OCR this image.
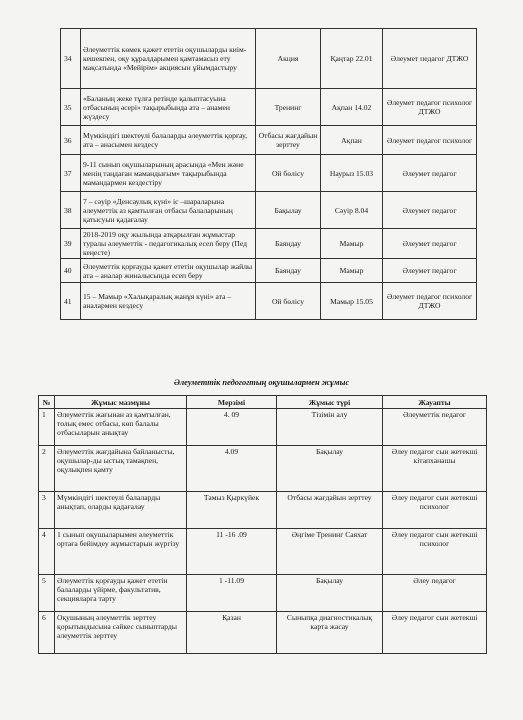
34	Әлеуметтік көмек қажет ететін оқушыларды киім-кешекпен, оқу құралдарымен қамтамасыз ету мақсатында «Мейірім» акциясын ұйымдастыру	Акция	Қаңтар 22.01	Әлеумет педагог ДТЖО
35	«Баланың жеке тұлға ретінде қалыптасуына отбасының әсері» тақырыбында ата – анамен жүздесу	Тренинг	Ақпан 14.02	Әлеумет педагог психолог ДТЖО
36	Мүмкіндігі шектеулі балаларды әлеуметтік қорғау, ата – анасымен кездесу	Отбасы жағдайын зерттеу	Ақпан	Әлеумет педагог психолог
37	9-11 сынып оқушыларының арасында «Мен және менің таңдаған мамандығым» тақырыбында мамандармен кездестіру	Ой бөлісу	Наурыз 15.03	Әлеумет педагог
38	7 – сәуір «Денсаулық күні» іс –шараларына әлеуметтік аз қамтылған отбасы балаларының қатысуын қадағалау	Бақылау	Сәуір 8.04	Әлеумет педагог
39	2018-2019 оқу жылында атқарылған жұмыстар туралы әлеуметтік - педагогикалық есеп беру (Пед кеңесте)	Баяндау	Мамыр	Әлеумет педагог
40	Әлеуметтік қорғауды қажет ететін оқушылар жайлы ата – аналар жиналысында есеп беру	Баяндау	Мамыр	Әлеумет педагог
41	15 – Мамыр «Халықаралық жанұя күні» ата – аналармен кездесу	Ой бөлісу	Мамыр 15.05	Әлеумет педагог психолог ДТЖО
Әлеуметтік педогогтың оқушылармен жұмыс
№	Жұмыс мазмұны	Мерзімі	Жұмыс түрі	Жауапты
1	Әлеуметтік жағынан аз қамтылған, толық емес отбасы, көп балалы отбасыларын анықтау	4. 09	Тізімін алу	Әлеуметтік педагог
2	Әлеуметтік жағдайына байланысты, оқушылар-ды ыстық тамақпен, оқулықпен қамту	4.09	Бақылау	Әлеу педагог сын жетекші кітапханашы
3	Мүмкіндігі шектеулі балаларды анықтап, оларды қадағалау	Тамыз Қыркүйек	Отбасы жағдайын зерттеу	Әлеу педагог сын жетекші психолог
4	1 сынып оқушыларымен әлеуметтік ортаға бейімдеу жұмыстарын жүргізу	11 -16 .09	Әңгіме Тренинг Саяхат	Әлеу педагог сын жетекші психолог
5	Әлеуметтік қорғауды қажет ететін балаларды үйірме, факультатив, секцияларға тарту	1 -11.09	Бақылау	Әлеу педагог
6	Оқушының әлеуметтік зерттеу қорытындысына сәйкес сыныптарды әлеуметтік зерттеу	Қазан	Сыныпқа диагностикалық карта жасау	Әлеу педагог сын жетекші
